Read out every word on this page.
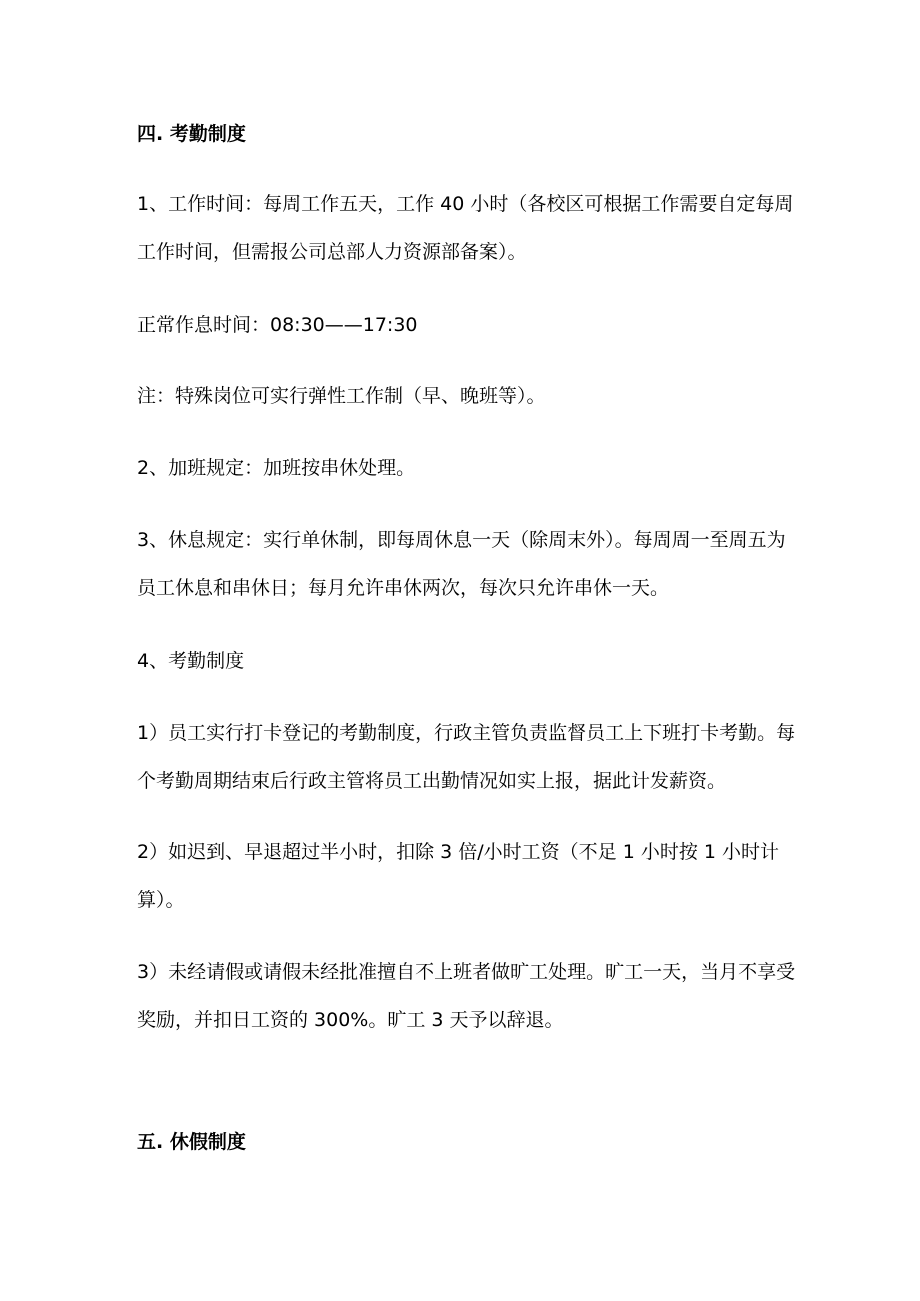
四. 考勤制度
1、工作时间：每周工作五天，工作 40 小时（各校区可根据工作需要自定每周
工作时间，但需报公司总部人力资源部备案）。
正常作息时间：08:30——17:30
注：特殊岗位可实行弹性工作制（早、晚班等）。
2、加班规定：加班按串休处理。
3、休息规定：实行单休制，即每周休息一天（除周末外）。每周周一至周五为
员工休息和串休日；每月允许串休两次，每次只允许串休一天。
4、考勤制度
1）员工实行打卡登记的考勤制度，行政主管负责监督员工上下班打卡考勤。每
个考勤周期结束后行政主管将员工出勤情况如实上报，据此计发薪资。
2）如迟到、早退超过半小时，扣除 3 倍/小时工资（不足 1 小时按 1 小时计
算）。
3）未经请假或请假未经批准擅自不上班者做旷工处理。旷工一天，当月不享受
奖励，并扣日工资的 300%。旷工 3 天予以辞退。
五. 休假制度
